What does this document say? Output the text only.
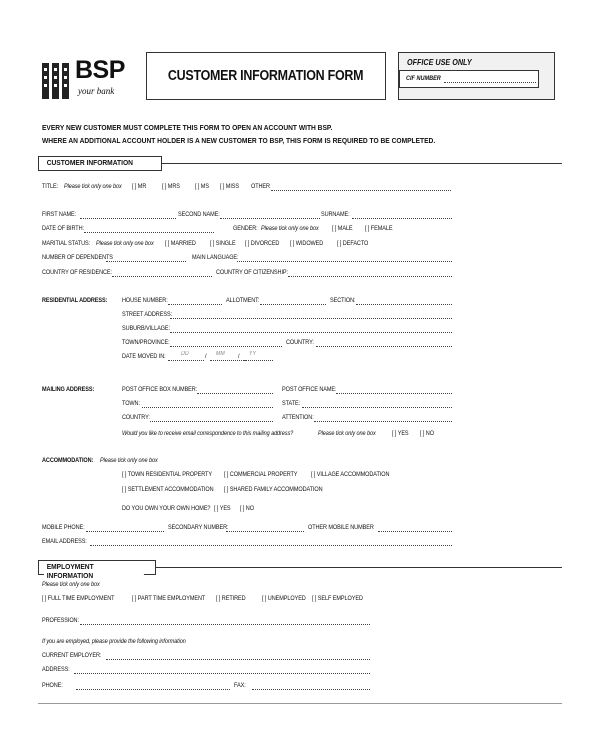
BSP
your bank
CUSTOMER INFORMATION FORM
OFFICE USE ONLY
CIF NUMBER
EVERY NEW CUSTOMER MUST COMPLETE THIS FORM TO OPEN AN ACCOUNT WITH BSP.
WHERE AN ADDITIONAL ACCOUNT HOLDER IS A NEW CUSTOMER TO BSP, THIS FORM IS REQUIRED TO BE COMPLETED.
CUSTOMER INFORMATION
TITLE: Please tick only one box [ ] MR [ ] MRS [ ] MS [ ] MISS OTHER
FIRST NAME:	SECOND NAME:	SURNAME:
DATE OF BIRTH:	GENDER: Please tick only one box [ ] MALE [ ] FEMALE
MARITIAL STATUS: Please tick only one box [ ] MARRIED [ ] SINGLE [ ] DIVORCED [ ] WIDOWED [ ] DEFACTO
NUMBER OF DEPENDENTS	MAIN LANGUAGE:
COUNTRY OF RESIDENCE:	COUNTRY OF CITIZENSHIP:
RESIDENTIAL ADDRESS: HOUSE NUMBER:	ALLOTMENT:	SECTION:
STREET ADDRESS:
SUBURB/VILLAGE:
TOWN/PROVINCE:	COUNTRY:
DATE MOVED IN:	DD	/ MM / YY
MAILING ADDRESS:	POST OFFICE BOX NUMBER:	POST OFFICE NAME:
TOWN:	STATE:
COUNTRY:	ATTENTION:
Would you like to receive email correspondence to this mailing address?	Please tick only one box	[ ] YES [ ] NO
ACCOMMODATION: Please tick only one box
[ ] TOWN RESIDENTIAL PROPERTY [ ] COMMERCIAL PROPERTY [ ] VILLAGE ACCOMMODATION
[ ] SETTLEMENT ACCOMMODATION [ ] SHARED FAMILY ACCOMMODATION
DO YOU OWN YOUR OWN HOME? [ ] YES [ ] NO
MOBILE PHONE:	SECONDARY NUMBER:	OTHER MOBILE NUMBER
EMAIL ADDRESS:
EMPLOYMENT INFORMATION
Please tick only one box
[ ] FULL TIME EMPLOYMENT	[ ] PART TIME EMPLOYMENT [ ] RETIRED	[ ] UNEMPLOYED [ ] SELF EMPLOYED
PROFESSION:
If you are employed, please provide the following information
CURRENT EMPLOYER:
ADDRESS:
PHONE:	FAX:
